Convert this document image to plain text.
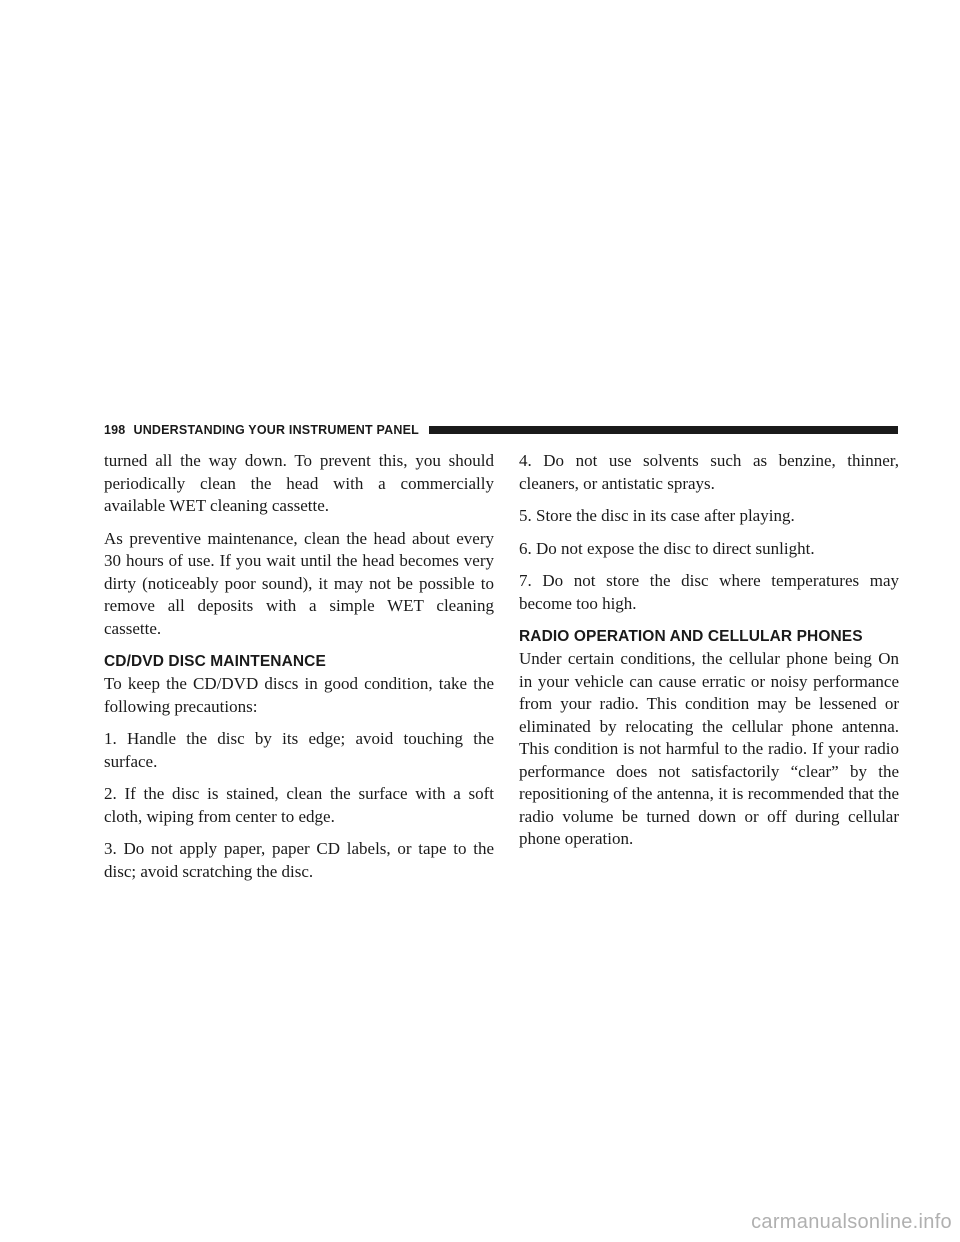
198 UNDERSTANDING YOUR INSTRUMENT PANEL

turned all the way down. To prevent this, you should periodically clean the head with a commercially available WET cleaning cassette.

As preventive maintenance, clean the head about every 30 hours of use. If you wait until the head becomes very dirty (noticeably poor sound), it may not be possible to remove all deposits with a simple WET cleaning cassette.

CD/DVD DISC MAINTENANCE

To keep the CD/DVD discs in good condition, take the following precautions:

1. Handle the disc by its edge; avoid touching the surface.

2. If the disc is stained, clean the surface with a soft cloth, wiping from center to edge.

3. Do not apply paper, paper CD labels, or tape to the disc; avoid scratching the disc.

4. Do not use solvents such as benzine, thinner, cleaners, or antistatic sprays.

5. Store the disc in its case after playing.

6. Do not expose the disc to direct sunlight.

7. Do not store the disc where temperatures may become too high.

RADIO OPERATION AND CELLULAR PHONES

Under certain conditions, the cellular phone being On in your vehicle can cause erratic or noisy performance from your radio. This condition may be lessened or eliminated by relocating the cellular phone antenna. This condition is not harmful to the radio. If your radio performance does not satisfactorily “clear” by the repositioning of the antenna, it is recommended that the radio volume be turned down or off during cellular phone operation.

carmanualsonline.info
